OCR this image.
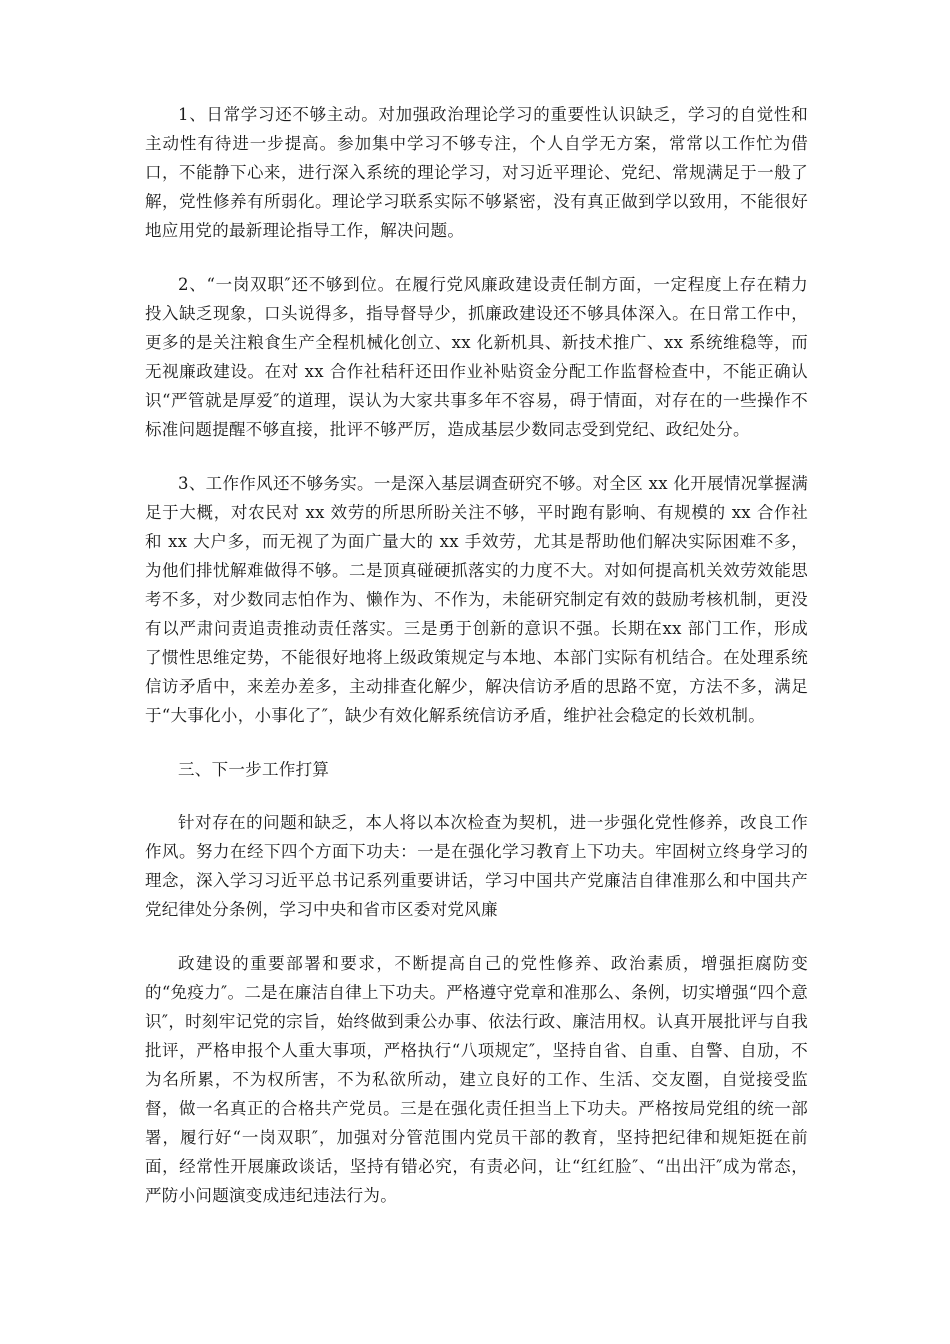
1、日常学习还不够主动。对加强政治理论学习的重要性认识缺乏，学习的自觉性和主动性有待进一步提高。参加集中学习不够专注，个人自学无方案，常常以工作忙为借口，不能静下心来，进行深入系统的理论学习，对习近平理论、党纪、常规满足于一般了解，党性修养有所弱化。理论学习联系实际不够紧密，没有真正做到学以致用，不能很好地应用党的最新理论指导工作，解决问题。

2、“一岗双职″还不够到位。在履行党风廉政建设责任制方面，一定程度上存在精力投入缺乏现象，口头说得多，指导督导少，抓廉政建设还不够具体深入。在日常工作中，更多的是关注粮食生产全程机械化创立、xx 化新机具、新技术推广、xx 系统维稳等，而无视廉政建设。在对 xx 合作社秸秆还田作业补贴资金分配工作监督检查中，不能正确认识“严管就是厚爱″的道理，误认为大家共事多年不容易，碍于情面，对存在的一些操作不标准问题提醒不够直接，批评不够严厉，造成基层少数同志受到党纪、政纪处分。

3、工作作风还不够务实。一是深入基层调查研究不够。对全区 xx 化开展情况掌握满足于大概，对农民对 xx 效劳的所思所盼关注不够，平时跑有影响、有规模的 xx 合作社和 xx 大户多，而无视了为面广量大的 xx 手效劳，尤其是帮助他们解决实际困难不多，为他们排忧解难做得不够。二是顶真碰硬抓落实的力度不大。对如何提高机关效劳效能思考不多，对少数同志怕作为、懒作为、不作为，未能研究制定有效的鼓励考核机制，更没有以严肃问责追责推动责任落实。三是勇于创新的意识不强。长期在xx 部门工作，形成了惯性思维定势，不能很好地将上级政策规定与本地、本部门实际有机结合。在处理系统信访矛盾中，来差办差多，主动排查化解少，解决信访矛盾的思路不宽，方法不多，满足于“大事化小，小事化了″，缺少有效化解系统信访矛盾，维护社会稳定的长效机制。

三、下一步工作打算

针对存在的问题和缺乏，本人将以本次检查为契机，进一步强化党性修养，改良工作作风。努力在经下四个方面下功夫：一是在强化学习教育上下功夫。牢固树立终身学习的理念，深入学习习近平总书记系列重要讲话，学习中国共产党廉洁自律准那么和中国共产党纪律处分条例，学习中央和省市区委对党风廉

政建设的重要部署和要求，不断提高自己的党性修养、政治素质，增强拒腐防变的“免疫力″。二是在廉洁自律上下功夫。严格遵守党章和准那么、条例，切实增强“四个意识″，时刻牢记党的宗旨，始终做到秉公办事、依法行政、廉洁用权。认真开展批评与自我批评，严格申报个人重大事项，严格执行“八项规定″，坚持自省、自重、自警、自劢，不为名所累，不为权所害，不为私欲所动，建立良好的工作、生活、交友圈，自觉接受监督，做一名真正的合格共产党员。三是在强化责任担当上下功夫。严格按局党组的统一部署，履行好“一岗双职″，加强对分管范围内党员干部的教育，坚持把纪律和规矩挺在前面，经常性开展廉政谈话，坚持有错必究，有责必问，让“红红脸″、“出出汗″成为常态，严防小问题演变成违纪违法行为。
